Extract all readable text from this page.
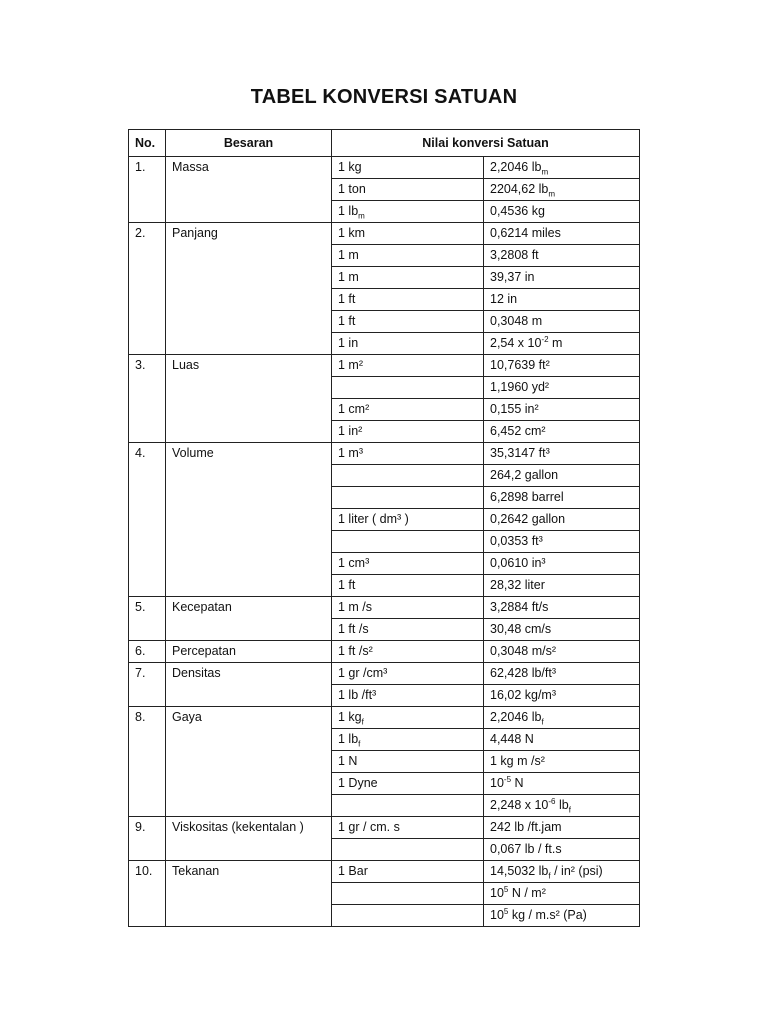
TABEL KONVERSI SATUAN
No.	Besaran	Nilai konversi Satuan	
1.	Massa	1 kg	2,2046 $lb_m$
		1 ton	2204,62 $lb_m$
		1 $lb_m$	0,4536 kg
2.	Panjang	1 km	0,6214 miles
		1 m	3,2808 ft
		1 m	39,37 in
		1 ft	12 in
		1 ft	0,3048 m
		1 in	2,54 x $10^{-2}$ m
3.	Luas	1 m²	10,7639 ft²
			1,1960 yd²
		1 cm²	0,155 in²
		1 in²	6,452 cm²
4.	Volume	1 m³	35,3147 ft³
			264,2 gallon
			6,2898 barrel
		1 liter ( dm³ )	0,2642 gallon
			0,0353 ft³
		1 cm³	0,0610 in³
		1 ft	28,32 liter
5.	Kecepatan	1 m /s	3,2884 ft/s
		1 ft /s	30,48 cm/s
6.	Percepatan	1 ft /s²	0,3048 m/s²
7.	Densitas	1 gr /cm³	62,428 lb/ft³
		1 lb /ft³	16,02 kg/m³
8.	Gaya	1 $kg_f$	2,2046 $lb_f$
		1 $lb_f$	4,448 N
		1 N	1 kg m /s²
		1 Dyne	$10^{-5}$ N
			2,248 x $10^{-6}$ $lb_f$
9.	Viskositas (kekentalan )	1 gr / cm. s	242 lb /ft.jam
			0,067 lb / ft.s
10.	Tekanan	1 Bar	14,5032 $lb_f / in^2$ (psi)
			$10^5$ N / m²
			$10^5$ kg / m.s² (Pa)
